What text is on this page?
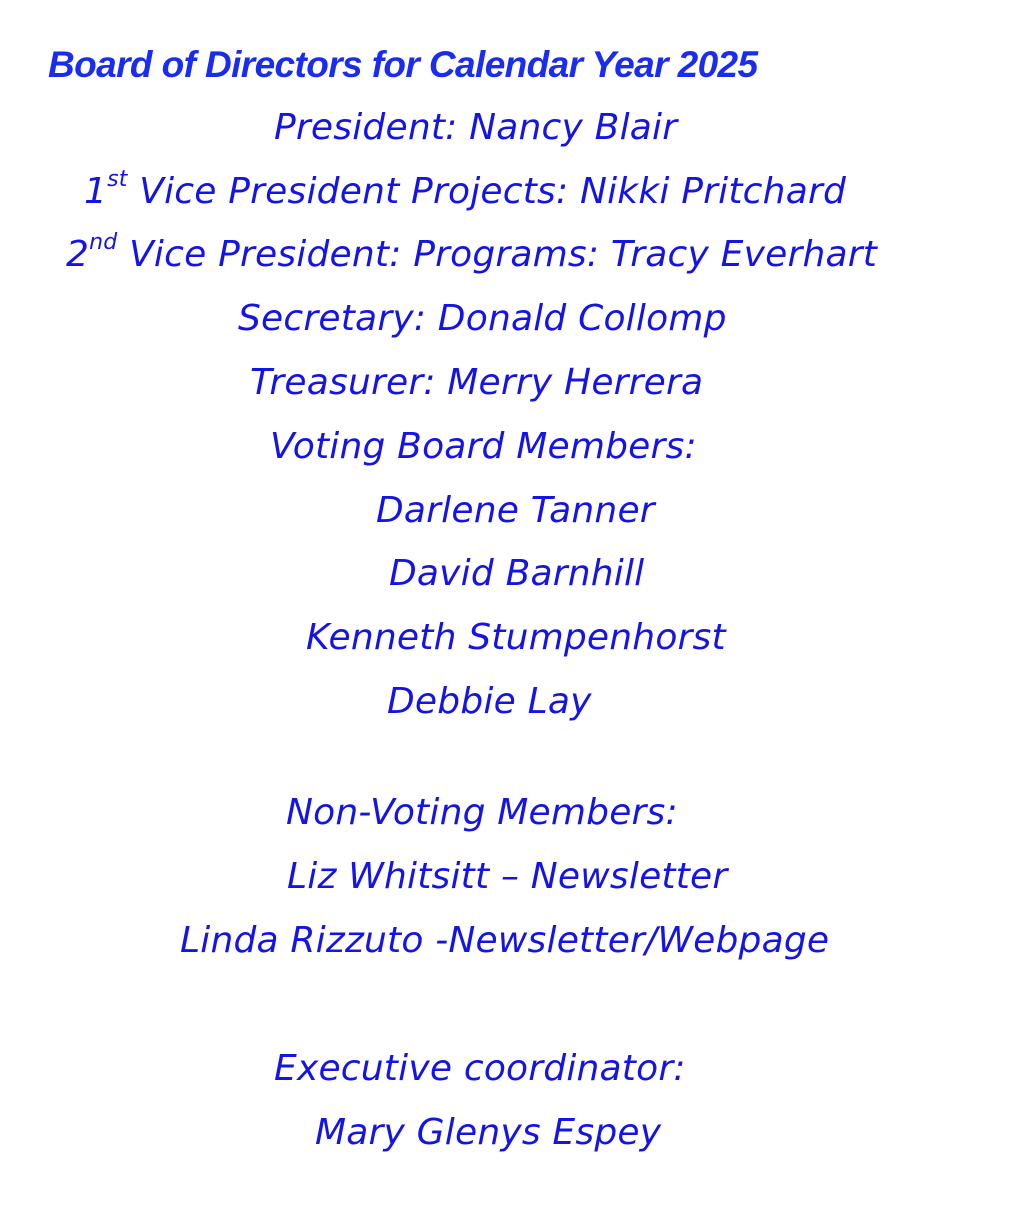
Board of Directors for Calendar Year 2025
President: Nancy Blair
1st Vice President Projects: Nikki Pritchard
2nd Vice President: Programs: Tracy Everhart
Secretary: Donald Collomp
Treasurer: Merry Herrera
Voting Board Members:
Darlene Tanner
David Barnhill
Kenneth Stumpenhorst
Debbie Lay
Non-Voting Members:
Liz Whitsitt – Newsletter
Linda Rizzuto -Newsletter/Webpage
Executive coordinator:
Mary Glenys Espey
